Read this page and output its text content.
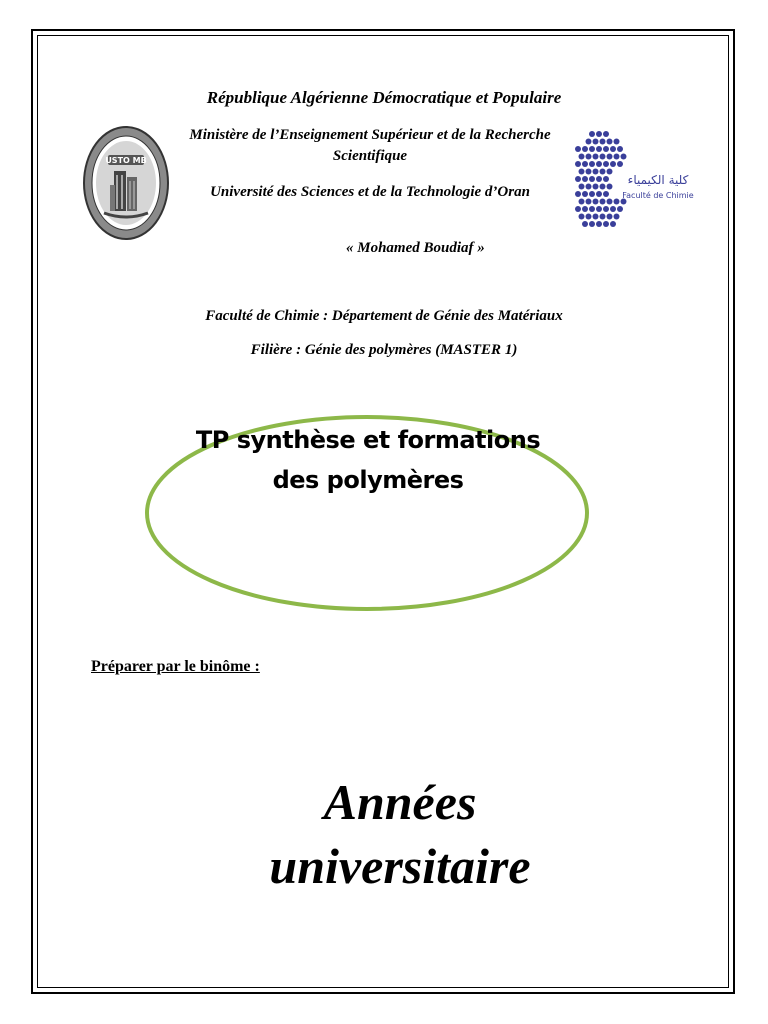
République Algérienne Démocratique et Populaire
Ministère de l’Enseignement Supérieur et de la Recherche Scientifique
Université des Sciences et de la Technologie d’Oran
« Mohamed Boudiaf »
USTO MB
كلية الكيمياء
Faculté de Chimie
Faculté de Chimie : Département de Génie des Matériaux
Filière : Génie des polymères (MASTER 1)
TP synthèse et formations
des polymères
Préparer par le binôme :
Années
universitaire
